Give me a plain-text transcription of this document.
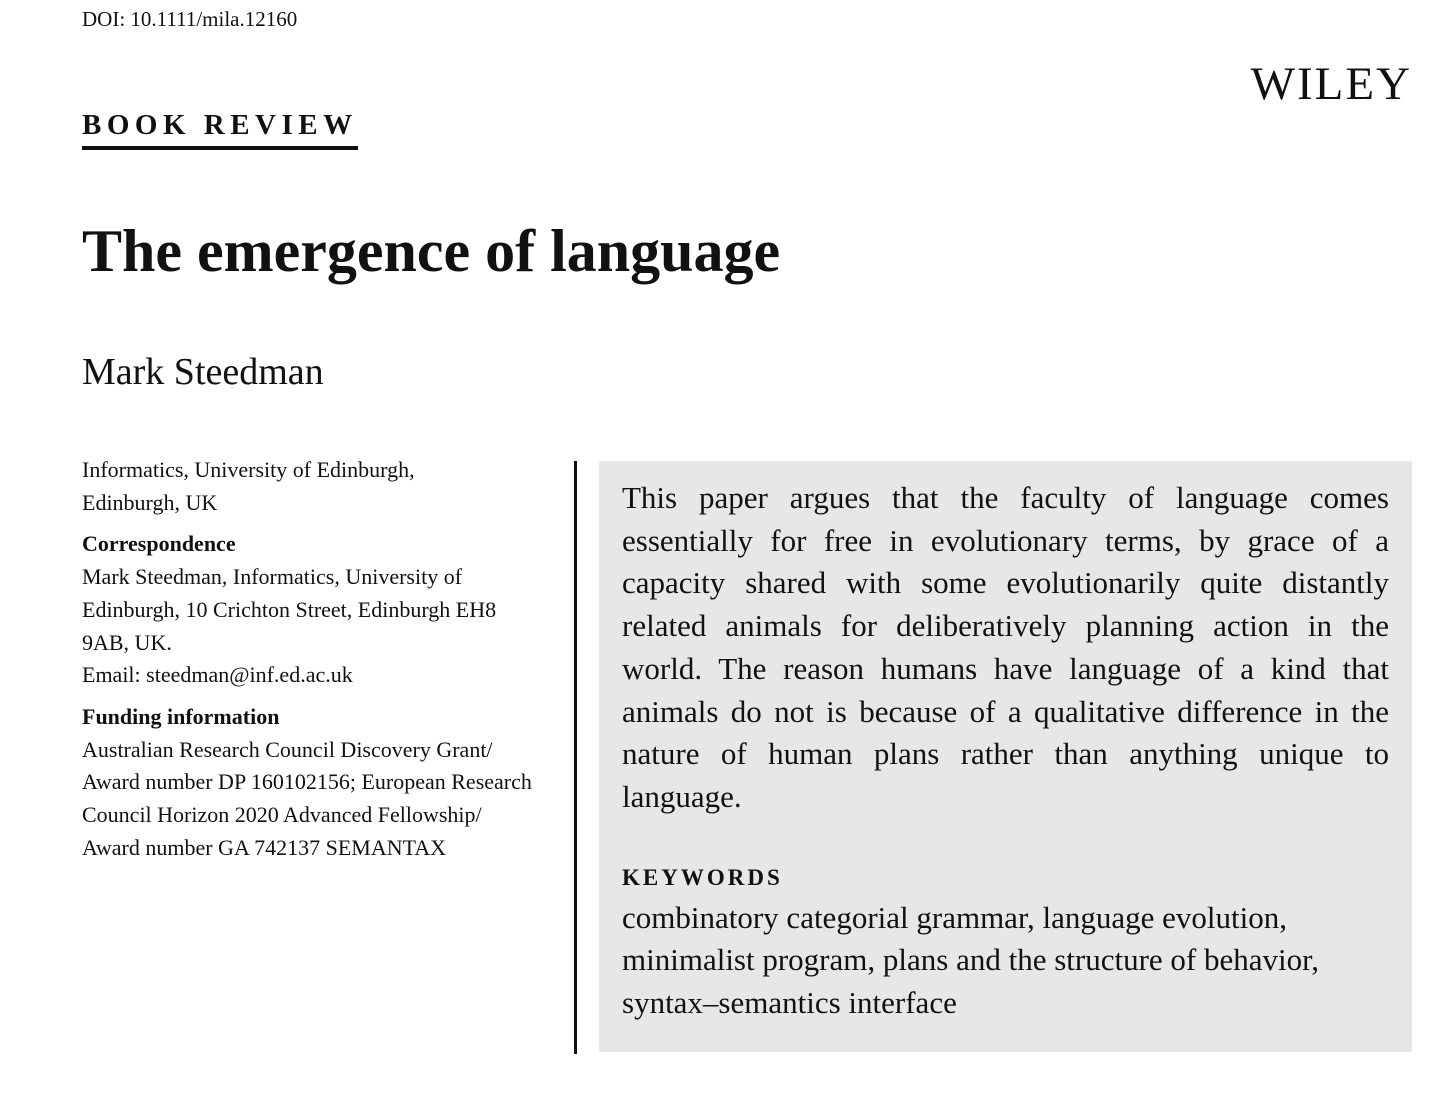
DOI: 10.1111/mila.12160
WILEY
BOOK REVIEW
The emergence of language
Mark Steedman
Informatics, University of Edinburgh,
Edinburgh, UK
Correspondence
Mark Steedman, Informatics, University of
Edinburgh, 10 Crichton Street, Edinburgh EH8
9AB, UK.
Email: steedman@inf.ed.ac.uk
Funding information
Australian Research Council Discovery Grant/
Award number DP 160102156; European Research
Council Horizon 2020 Advanced Fellowship/
Award number GA 742137 SEMANTAX

This paper argues that the faculty of language comes essentially for free in evolutionary terms, by grace of a capacity shared with some evolutionarily quite distantly related animals for deliberatively planning action in the world. The reason humans have language of a kind that animals do not is because of a qualitative difference in the nature of human plans rather than anything unique to language.

KEYWORDS
combinatory categorial grammar, language evolution, minimalist program, plans and the structure of behavior, syntax–semantics interface
